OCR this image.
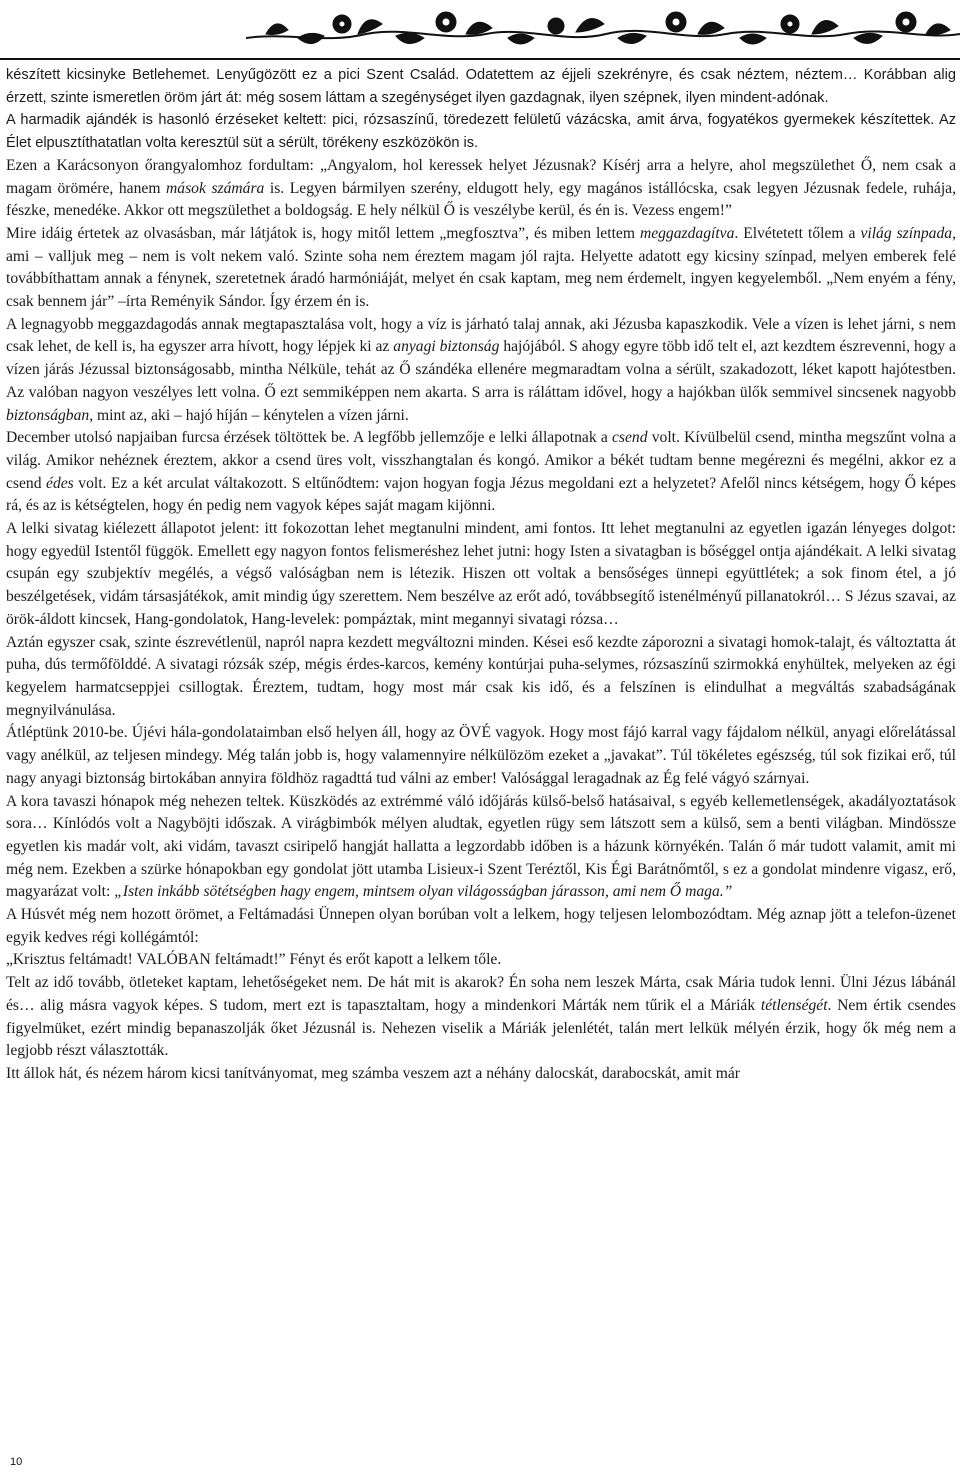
készített kicsinyke Betlehemet. Lenyűgözött ez a pici Szent Család. Odatettem az éjjeli szekrényre, és csak néztem, néztem… Korábban alig érzett, szinte ismeretlen öröm járt át: még sosem láttam a szegénységet ilyen gazdagnak, ilyen szépnek, ilyen mindent-adónak.

A harmadik ajándék is hasonló érzéseket keltett: pici, rózsaszínű, töredezett felületű vázácska, amit árva, fogyatékos gyermekek készítettek. Az Élet elpusztíthatatlan volta keresztül süt a sérült, törékeny eszközökön is.

Ezen a Karácsonyon őrangyalomhoz fordultam: „Angyalom, hol keressek helyet Jézusnak? Kísérj arra a helyre, ahol megszülethet Ő, nem csak a magam örömére, hanem mások számára is. Legyen bármilyen szerény, eldugott hely, egy magános istállócska, csak legyen Jézusnak fedele, ruhája, fészke, menedéke. Akkor ott megszülethet a boldogság. E hely nélkül Ő is veszélybe kerül, és én is. Vezess engem!”

Mire idáig értetek az olvasásban, már látjátok is, hogy mitől lettem „megfosztva”, és miben lettem meggazdagítva. Elvétetett tőlem a világ színpada, ami – valljuk meg – nem is volt nekem való. Szinte soha nem éreztem magam jól rajta. Helyette adatott egy kicsiny színpad, melyen emberek felé továbbíthattam annak a fénynek, szeretetnek áradó harmóniáját, melyet én csak kaptam, meg nem érdemelt, ingyen kegyelemből. „Nem enyém a fény, csak bennem jár” –írta Reményik Sándor. Így érzem én is.

A legnagyobb meggazdagodás annak megtapasztalása volt, hogy a víz is járható talaj annak, aki Jézusba kapaszkodik. Vele a vízen is lehet járni, s nem csak lehet, de kell is, ha egyszer arra hívott, hogy lépjek ki az anyagi biztonság hajójából. S ahogy egyre több idő telt el, azt kezdtem észrevenni, hogy a vízen járás Jézussal biztonságosabb, mintha Nélküle, tehát az Ő szándéka ellenére megmaradtam volna a sérült, szakadozott, léket kapott hajótestben. Az valóban nagyon veszélyes lett volna. Ő ezt semmiképpen nem akarta. S arra is ráláttam idővel, hogy a hajókban ülők semmivel sincsenek nagyobb biztonságban, mint az, aki – hajó híján – kénytelen a vízen járni.

December utolsó napjaiban furcsa érzések töltöttek be. A legfőbb jellemzője e lelki állapotnak a csend volt. Kívülbelül csend, mintha megszűnt volna a világ. Amikor nehéznek éreztem, akkor a csend üres volt, visszhangtalan és kongó. Amikor a békét tudtam benne megérezni és megélni, akkor ez a csend édes volt. Ez a két arculat váltakozott. S eltűnődtem: vajon hogyan fogja Jézus megoldani ezt a helyzetet? Afelől nincs kétségem, hogy Ő képes rá, és az is kétségtelen, hogy én pedig nem vagyok képes saját magam kijönni.

A lelki sivatag kiélezett állapotot jelent: itt fokozottan lehet megtanulni mindent, ami fontos. Itt lehet megtanulni az egyetlen igazán lényeges dolgot: hogy egyedül Istentől függök. Emellett egy nagyon fontos felismeréshez lehet jutni: hogy Isten a sivatagban is bőséggel ontja ajándékait. A lelki sivatag csupán egy szubjektív megélés, a végső valóságban nem is létezik. Hiszen ott voltak a bensőséges ünnepi együttlétek; a sok finom étel, a jó beszélgetések, vidám társasjátékok, amit mindig úgy szerettem. Nem beszélve az erőt adó, továbbsegítő istenélményű pillanatokról… S Jézus szavai, az örök-áldott kincsek, Hang-gondolatok, Hang-levelek: pompáztak, mint megannyi sivatagi rózsa…

Aztán egyszer csak, szinte észrevétlenül, napról napra kezdett megváltozni minden. Kései eső kezdte záporozni a sivatagi homok-talajt, és változtatta át puha, dús termőfölddé. A sivatagi rózsák szép, mégis érdes-karcos, kemény kontúrjai puha-selymes, rózsaszínű szirmokká enyhültek, melyeken az égi kegyelem harmatcseppjei csillogtak. Éreztem, tudtam, hogy most már csak kis idő, és a felszínen is elindulhat a megváltás szabadságának megnyilvánulása.

Átléptünk 2010-be. Újévi hála-gondolataimban első helyen áll, hogy az ÖVÉ vagyok. Hogy most fájó karral vagy fájdalom nélkül, anyagi előrelátással vagy anélkül, az teljesen mindegy. Még talán jobb is, hogy valamennyire nélkülözöm ezeket a „javakat”. Túl tökéletes egészség, túl sok fizikai erő, túl nagy anyagi biztonság birtokában annyira földhöz ragadttá tud válni az ember! Valósággal leragadnak az Ég felé vágyó szárnyai.

A kora tavaszi hónapok még nehezen teltek. Küszködés az extrémmé váló időjárás külső-belső hatásaival, s egyéb kellemetlenségek, akadályoztatások sora… Kínlódós volt a Nagyböjti időszak. A virágbimbók mélyen aludtak, egyetlen rügy sem látszott sem a külső, sem a benti világban. Mindössze egyetlen kis madár volt, aki vidám, tavaszt csiripelő hangját hallatta a legzordabb időben is a házunk környékén. Talán ő már tudott valamit, amit mi még nem. Ezekben a szürke hónapokban egy gondolat jött utamba Lisieux-i Szent Teréztől, Kis Égi Barátnőmtől, s ez a gondolat mindenre vigasz, erő, magyarázat volt: „Isten inkább sötétségben hagy engem, mintsem olyan világosságban járasson, ami nem Ő maga.”

A Húsvét még nem hozott örömet, a Feltámadási Ünnepen olyan borúban volt a lelkem, hogy teljesen lelombozódtam. Még aznap jött a telefon-üzenet egyik kedves régi kollégámtól:

„Krisztus feltámadt! VALÓBAN feltámadt!” Fényt és erőt kapott a lelkem tőle.

Telt az idő tovább, ötleteket kaptam, lehetőségeket nem. De hát mit is akarok? Én soha nem leszek Márta, csak Mária tudok lenni. Ülni Jézus lábánál és… alig másra vagyok képes. S tudom, mert ezt is tapasztaltam, hogy a mindenkori Márták nem tűrik el a Máriák tétlenségét. Nem értik csendes figyelmüket, ezért mindig bepanaszolják őket Jézusnál is. Nehezen viselik a Máriák jelenlétét, talán mert lelkük mélyén érzik, hogy ők még nem a legjobb részt választották.

Itt állok hát, és nézem három kicsi tanítványomat, meg számba veszem azt a néhány dalocskát, darabocskát, amit már

10
